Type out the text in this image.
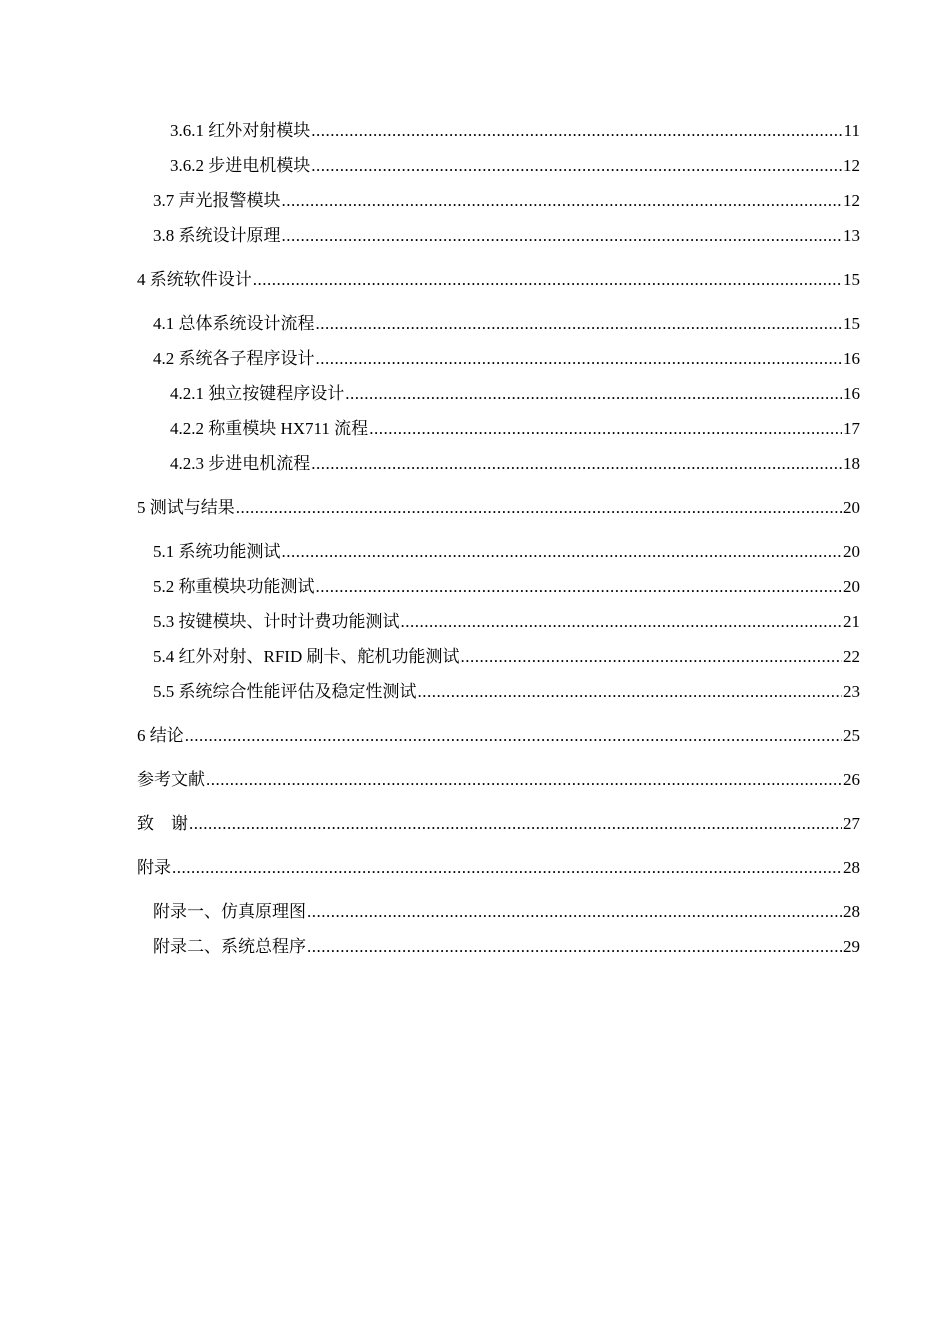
3.6.1 红外对射模块 .....	11
3.6.2 步进电机模块 .....	12
3.7 声光报警模块 .....	12
3.8 系统设计原理 .....	13
4 系统软件设计 .....	15
4.1 总体系统设计流程 .....	15
4.2 系统各子程序设计 .....	16
4.2.1 独立按键程序设计 .....	16
4.2.2 称重模块 HX711 流程 .....	17
4.2.3 步进电机流程 .....	18
5 测试与结果 .....	20
5.1 系统功能测试 .....	20
5.2 称重模块功能测试 .....	20
5.3 按键模块、计时计费功能测试 .....	21
5.4 红外对射、RFID 刷卡、舵机功能测试 .....	22
5.5 系统综合性能评估及稳定性测试 .....	23
6 结论 .....	25
参考文献 .....	26
致　谢 .....	27
附录 .....	28
附录一、仿真原理图 .....	28
附录二、系统总程序 .....	29
